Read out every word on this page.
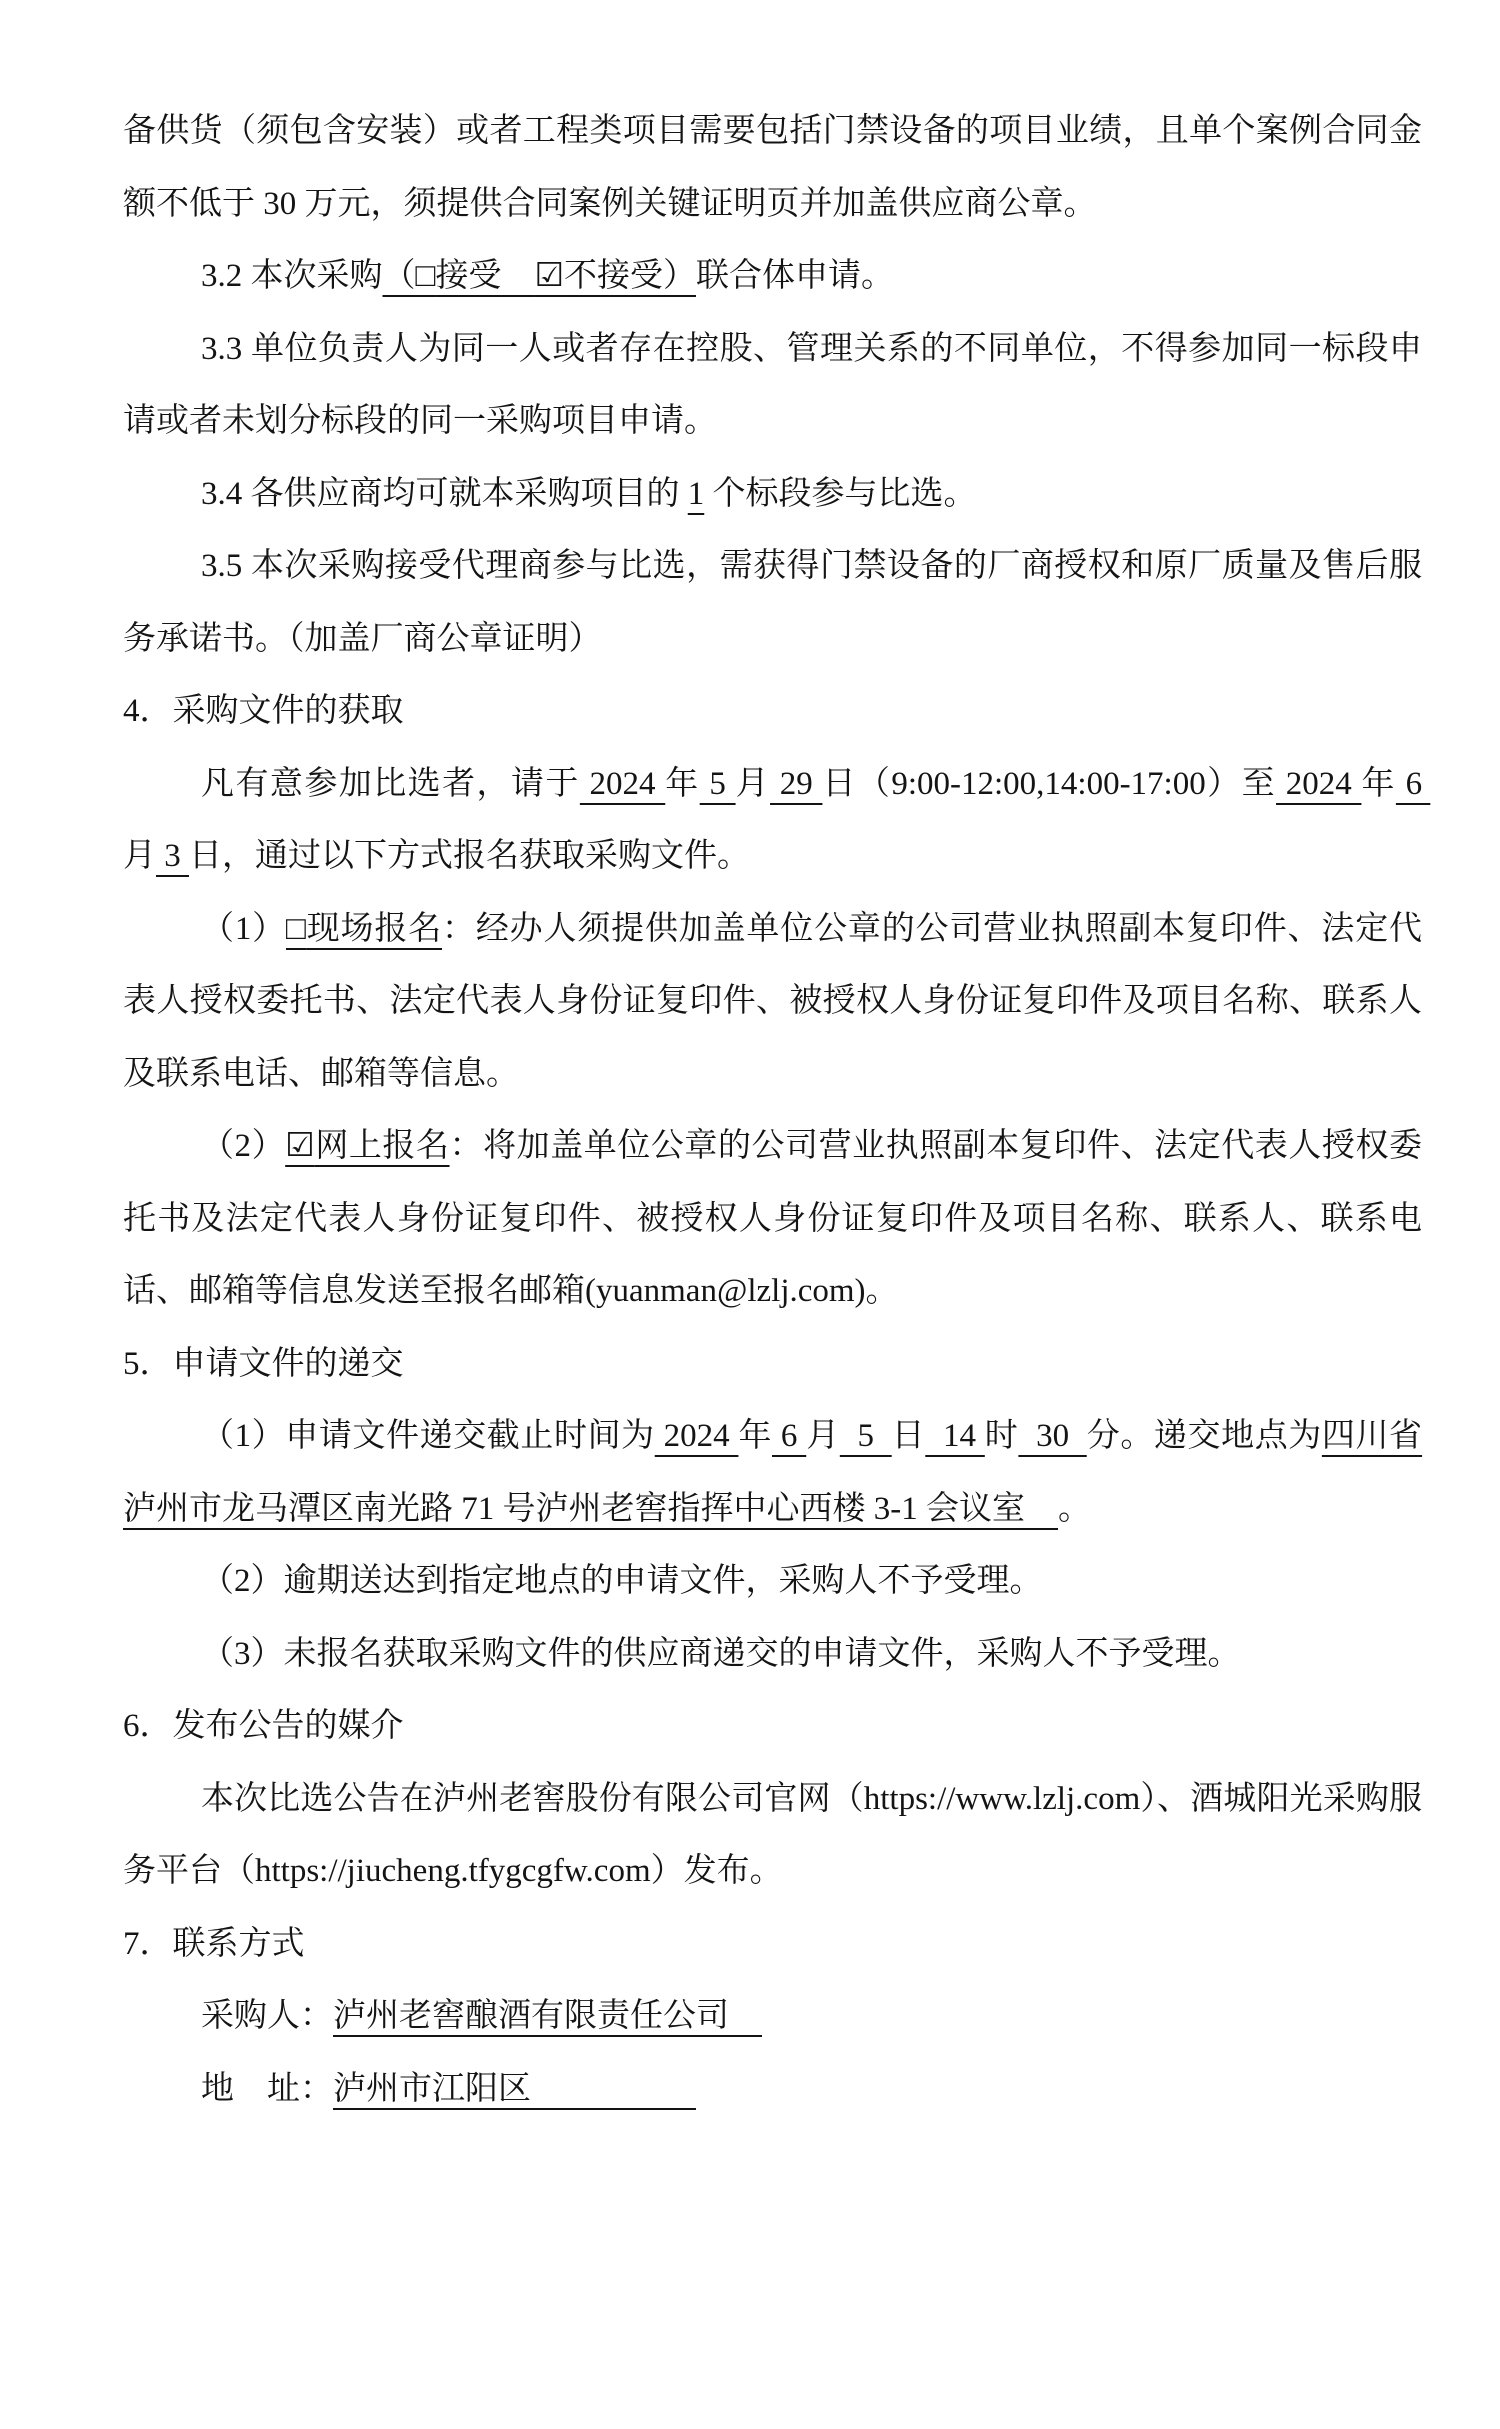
备供货（须包含安装）或者工程类项目需要包括门禁设备的项目业绩，且单个案例合同金额不低于 30 万元，须提供合同案例关键证明页并加盖供应商公章。

3.2 本次采购（□接受　☑不接受）联合体申请。

3.3 单位负责人为同一人或者存在控股、管理关系的不同单位，不得参加同一标段申请或者未划分标段的同一采购项目申请。

3.4 各供应商均可就本采购项目的 1 个标段参与比选。

3.5 本次采购接受代理商参与比选，需获得门禁设备的厂商授权和原厂质量及售后服务承诺书。（加盖厂商公章证明）

4．采购文件的获取

凡有意参加比选者，请于 2024 年 5 月 29 日（9:00-12:00,14:00-17:00）至 2024 年 6 月 3 日，通过以下方式报名获取采购文件。

（1）□现场报名：经办人须提供加盖单位公章的公司营业执照副本复印件、法定代表人授权委托书、法定代表人身份证复印件、被授权人身份证复印件及项目名称、联系人及联系电话、邮箱等信息。

（2）☑网上报名：将加盖单位公章的公司营业执照副本复印件、法定代表人授权委托书及法定代表人身份证复印件、被授权人身份证复印件及项目名称、联系人、联系电话、邮箱等信息发送至报名邮箱(yuanman@lzlj.com)。

5．申请文件的递交

（1）申请文件递交截止时间为 2024 年 6 月  5  日  14 时  30  分。递交地点为四川省泸州市龙马潭区南光路 71 号泸州老窖指挥中心西楼 3-1 会议室　。

（2）逾期送达到指定地点的申请文件，采购人不予受理。

（3）未报名获取采购文件的供应商递交的申请文件，采购人不予受理。

6．发布公告的媒介

本次比选公告在泸州老窖股份有限公司官网（https://www.lzlj.com）、酒城阳光采购服务平台（https://jiucheng.tfygcgfw.com）发布。

7．联系方式

采购人：泸州老窖酿酒有限责任公司　

地　址：泸州市江阳区　　　　　
